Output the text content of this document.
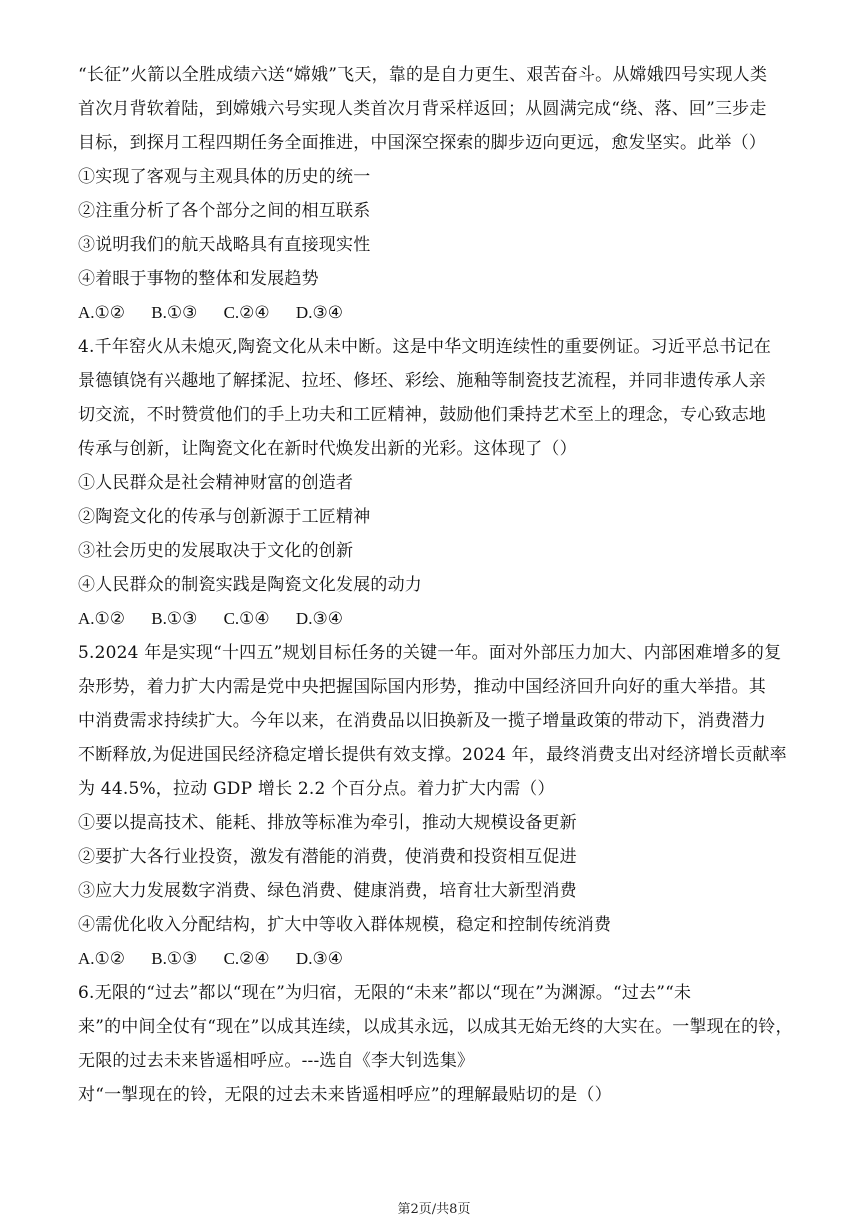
“长征”火箭以全胜成绩六送“嫦娥”飞天，靠的是自力更生、艰苦奋斗。从嫦娥四号实现人类
首次月背软着陆，到嫦娥六号实现人类首次月背采样返回；从圆满完成“绕、落、回”三步走
目标，到探月工程四期任务全面推进，中国深空探索的脚步迈向更远，愈发坚实。此举（）
①实现了客观与主观具体的历史的统一
②注重分析了各个部分之间的相互联系
③说明我们的航天战略具有直接现实性
④着眼于事物的整体和发展趋势
A.①② B.①③ C.②④ D.③④
4.千年窑火从未熄灭,陶瓷文化从未中断。这是中华文明连续性的重要例证。习近平总书记在
景德镇饶有兴趣地了解揉泥、拉坯、修坯、彩绘、施釉等制瓷技艺流程，并同非遗传承人亲
切交流，不时赞赏他们的手上功夫和工匠精神，鼓励他们秉持艺术至上的理念，专心致志地
传承与创新，让陶瓷文化在新时代焕发出新的光彩。这体现了（）
①人民群众是社会精神财富的创造者
②陶瓷文化的传承与创新源于工匠精神
③社会历史的发展取决于文化的创新
④人民群众的制瓷实践是陶瓷文化发展的动力
A.①② B.①③ C.①④ D.③④
5.2024 年是实现“十四五”规划目标任务的关键一年。面对外部压力加大、内部困难增多的复
杂形势，着力扩大内需是党中央把握国际国内形势，推动中国经济回升向好的重大举措。其
中消费需求持续扩大。今年以来，在消费品以旧换新及一揽子增量政策的带动下，消费潜力
不断释放,为促进国民经济稳定增长提供有效支撑。2024 年，最终消费支出对经济增长贡献率
为 44.5%，拉动 GDP 增长 2.2 个百分点。着力扩大内需（）
①要以提高技术、能耗、排放等标准为牵引，推动大规模设备更新
②要扩大各行业投资，激发有潜能的消费，使消费和投资相互促进
③应大力发展数字消费、绿色消费、健康消费，培育壮大新型消费
④需优化收入分配结构，扩大中等收入群体规模，稳定和控制传统消费
A.①② B.①③ C.②④ D.③④
6.无限的“过去”都以“现在”为归宿，无限的“未来”都以“现在”为渊源。“过去”“未
来”的中间全仗有“现在”以成其连续，以成其永远，以成其无始无终的大实在。一掣现在的铃，
无限的过去未来皆遥相呼应。---选自《李大钊选集》
对“一掣现在的铃，无限的过去未来皆遥相呼应”的理解最贴切的是（）
第2页/共8页
